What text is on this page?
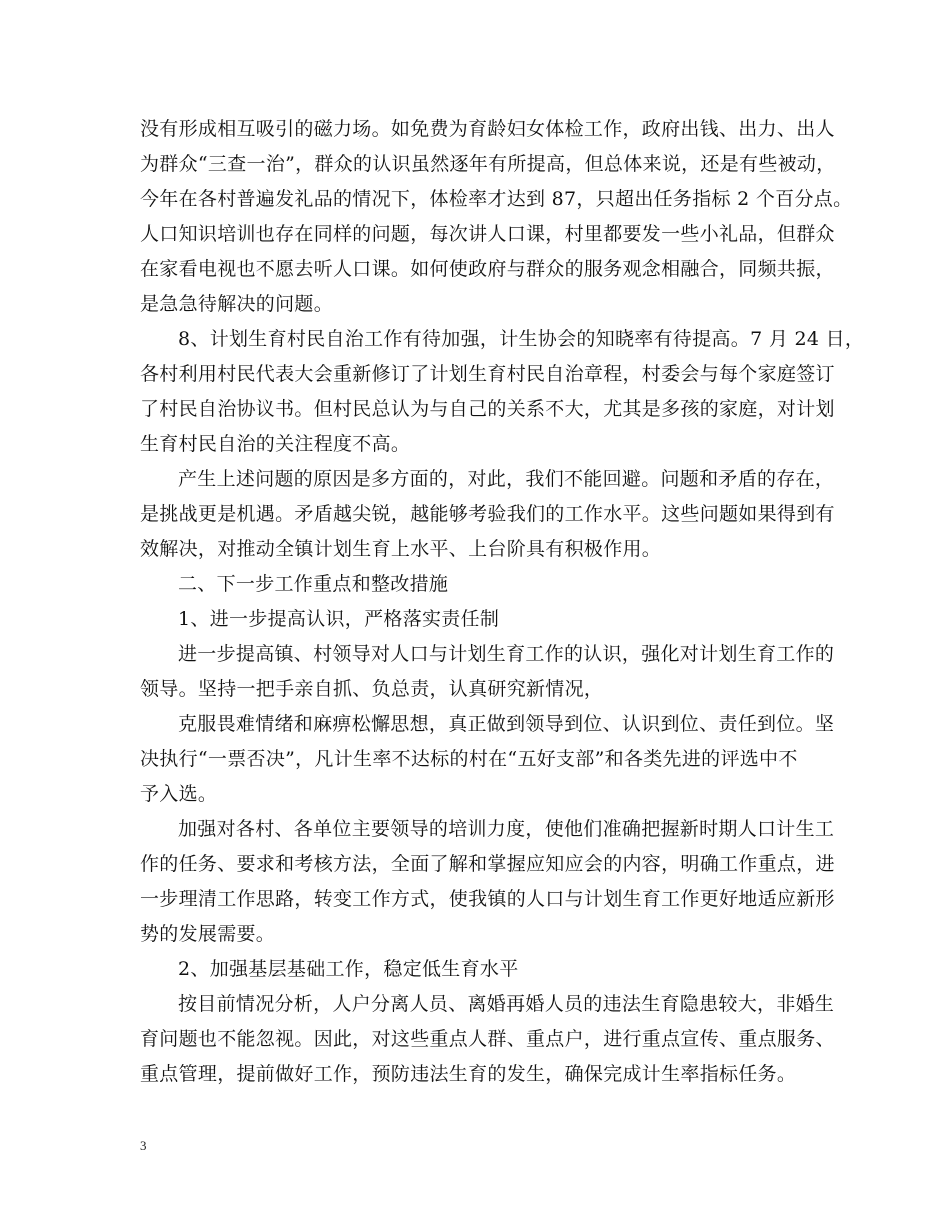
没有形成相互吸引的磁力场。如免费为育龄妇女体检工作，政府出钱、出力、出人
为群众“三查一治”，群众的认识虽然逐年有所提高，但总体来说，还是有些被动，
今年在各村普遍发礼品的情况下，体检率才达到 87，只超出任务指标 2 个百分点。
人口知识培训也存在同样的问题，每次讲人口课，村里都要发一些小礼品，但群众
在家看电视也不愿去听人口课。如何使政府与群众的服务观念相融合，同频共振，
是急急待解决的问题。
8、计划生育村民自治工作有待加强，计生协会的知晓率有待提高。7 月 24 日，
各村利用村民代表大会重新修订了计划生育村民自治章程，村委会与每个家庭签订
了村民自治协议书。但村民总认为与自己的关系不大，尤其是多孩的家庭，对计划
生育村民自治的关注程度不高。
产生上述问题的原因是多方面的，对此，我们不能回避。问题和矛盾的存在，
是挑战更是机遇。矛盾越尖锐，越能够考验我们的工作水平。这些问题如果得到有
效解决，对推动全镇计划生育上水平、上台阶具有积极作用。
二、下一步工作重点和整改措施
1、进一步提高认识，严格落实责任制
进一步提高镇、村领导对人口与计划生育工作的认识，强化对计划生育工作的
领导。坚持一把手亲自抓、负总责，认真研究新情况，
克服畏难情绪和麻痹松懈思想，真正做到领导到位、认识到位、责任到位。坚
决执行“一票否决”，凡计生率不达标的村在“五好支部”和各类先进的评选中不
予入选。
加强对各村、各单位主要领导的培训力度，使他们准确把握新时期人口计生工
作的任务、要求和考核方法，全面了解和掌握应知应会的内容，明确工作重点，进
一步理清工作思路，转变工作方式，使我镇的人口与计划生育工作更好地适应新形
势的发展需要。
2、加强基层基础工作，稳定低生育水平
按目前情况分析，人户分离人员、离婚再婚人员的违法生育隐患较大，非婚生
育问题也不能忽视。因此，对这些重点人群、重点户，进行重点宣传、重点服务、
重点管理，提前做好工作，预防违法生育的发生，确保完成计生率指标任务。
3
